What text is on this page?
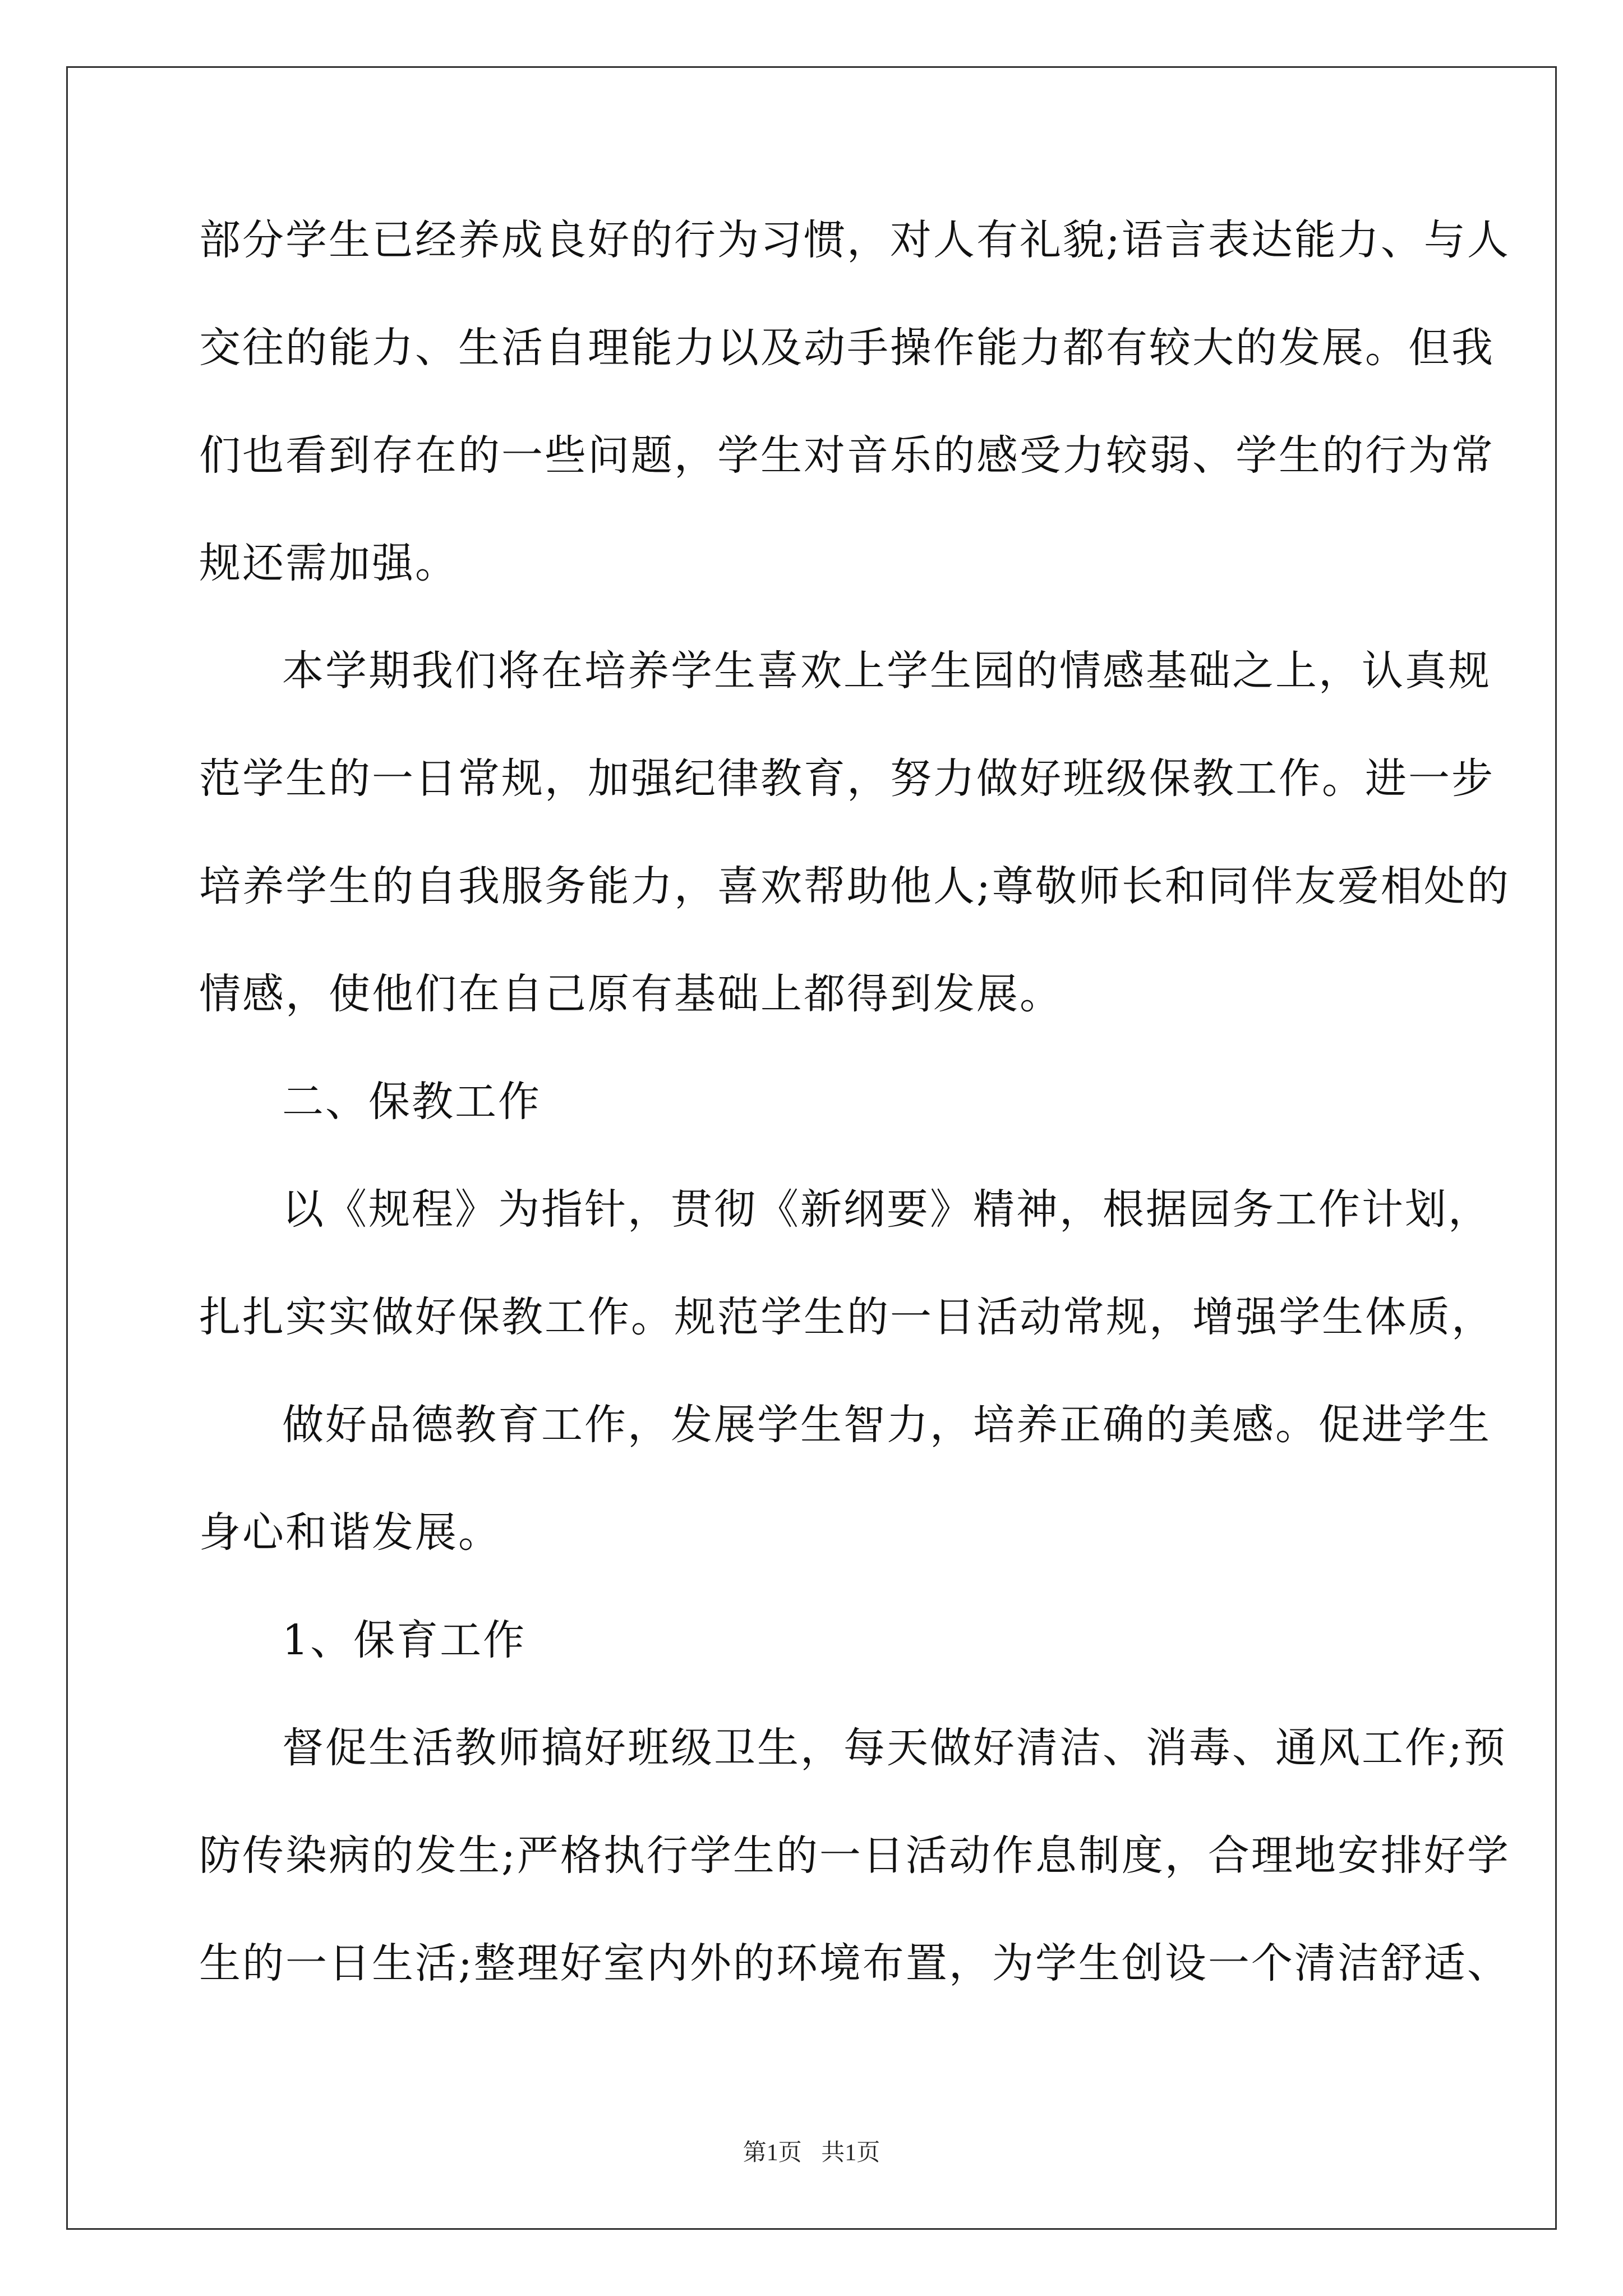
部分学生已经养成良好的行为习惯，对人有礼貌;语言表达能力、与人
交往的能力、生活自理能力以及动手操作能力都有较大的发展。但我
们也看到存在的一些问题，学生对音乐的感受力较弱、学生的行为常
规还需加强。
本学期我们将在培养学生喜欢上学生园的情感基础之上，认真规
范学生的一日常规，加强纪律教育，努力做好班级保教工作。进一步
培养学生的自我服务能力，喜欢帮助他人;尊敬师长和同伴友爱相处的
情感，使他们在自己原有基础上都得到发展。
二、保教工作
以《规程》为指针，贯彻《新纲要》精神，根据园务工作计划，
扎扎实实做好保教工作。规范学生的一日活动常规，增强学生体质，
做好品德教育工作，发展学生智力，培养正确的美感。促进学生
身心和谐发展。
1、保育工作
督促生活教师搞好班级卫生，每天做好清洁、消毒、通风工作;预
防传染病的发生;严格执行学生的一日活动作息制度，合理地安排好学
生的一日生活;整理好室内外的环境布置，为学生创设一个清洁舒适、
第1页 共1页
